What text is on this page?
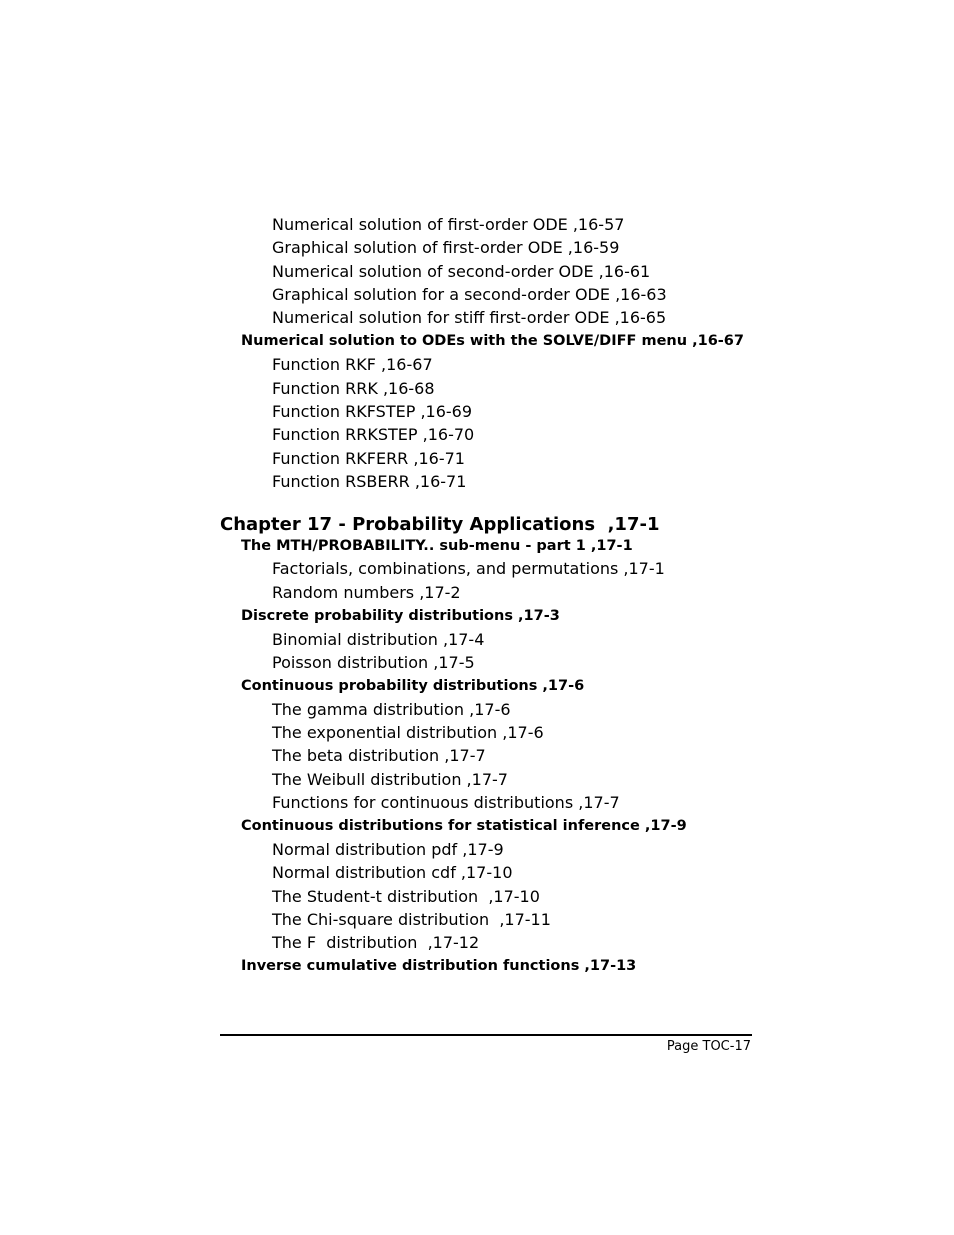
Numerical solution of first-order ODE ,16-57
Graphical solution of first-order ODE ,16-59
Numerical solution of second-order ODE ,16-61
Graphical solution for a second-order ODE ,16-63
Numerical solution for stiff first-order ODE ,16-65
Numerical solution to ODEs with the SOLVE/DIFF menu ,16-67
Function RKF ,16-67
Function RRK ,16-68
Function RKFSTEP ,16-69
Function RRKSTEP ,16-70
Function RKFERR ,16-71
Function RSBERR ,16-71
Chapter 17 - Probability Applications  ,17-1
The MTH/PROBABILITY.. sub-menu - part 1 ,17-1
Factorials, combinations, and permutations ,17-1
Random numbers ,17-2
Discrete probability distributions ,17-3
Binomial distribution ,17-4
Poisson distribution ,17-5
Continuous probability distributions ,17-6
The gamma distribution ,17-6
The exponential distribution ,17-6
The beta distribution ,17-7
The Weibull distribution ,17-7
Functions for continuous distributions ,17-7
Continuous distributions for statistical inference ,17-9
Normal distribution pdf ,17-9
Normal distribution cdf ,17-10
The Student-t distribution  ,17-10
The Chi-square distribution  ,17-11
The F  distribution  ,17-12
Inverse cumulative distribution functions ,17-13
Page TOC-17
